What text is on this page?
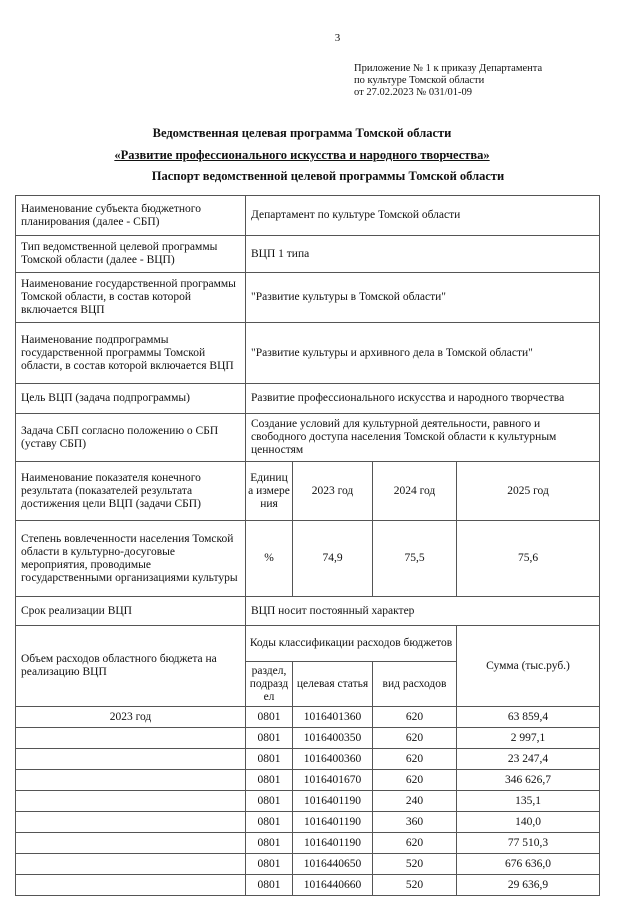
3
Приложение № 1 к приказу Департамента
по культуре Томской области
от 27.02.2023 № 031/01-09
Ведомственная целевая программа Томской области
«Развитие профессионального искусства и народного творчества»
Паспорт ведомственной целевой программы Томской области
Наименование субъекта бюджетного планирования (далее - СБП)	Департамент по культуре Томской области			
Тип ведомственной целевой программы Томской области (далее - ВЦП)	ВЦП 1 типа			
Наименование государственной программы Томской области, в состав которой включается ВЦП	"Развитие культуры в Томской области"			
Наименование подпрограммы государственной программы Томской области, в состав которой включается ВЦП	"Развитие культуры и архивного дела в Томской области"			
Цель ВЦП (задача подпрограммы)	Развитие профессионального искусства и народного творчества			
Задача СБП согласно положению о СБП (уставу СБП)	Создание условий для культурной деятельности, равного и свободного доступа населения Томской области к культурным ценностям			
Наименование показателя конечного результата (показателей результата достижения цели ВЦП (задачи СБП)	Единица измерения	2023 год	2024 год	2025 год
Степень вовлеченности населения Томской области в культурно-досуговые мероприятия, проводимые государственными организациями культуры	%	74,9	75,5	75,6
Срок реализации ВЦП	ВЦП носит постоянный характер			
Объем расходов областного бюджета на реализацию ВЦП	Коды классификации расходов бюджетов			Сумма (тыс.руб.)
	раздел, подраздел	целевая статья	вид расходов	
2023 год	0801	1016401360	620	63 859,4
	0801	1016400350	620	2 997,1
	0801	1016400360	620	23 247,4
	0801	1016401670	620	346 626,7
	0801	1016401190	240	135,1
	0801	1016401190	360	140,0
	0801	1016401190	620	77 510,3
	0801	1016440650	520	676 636,0
	0801	1016440660	520	29 636,9
